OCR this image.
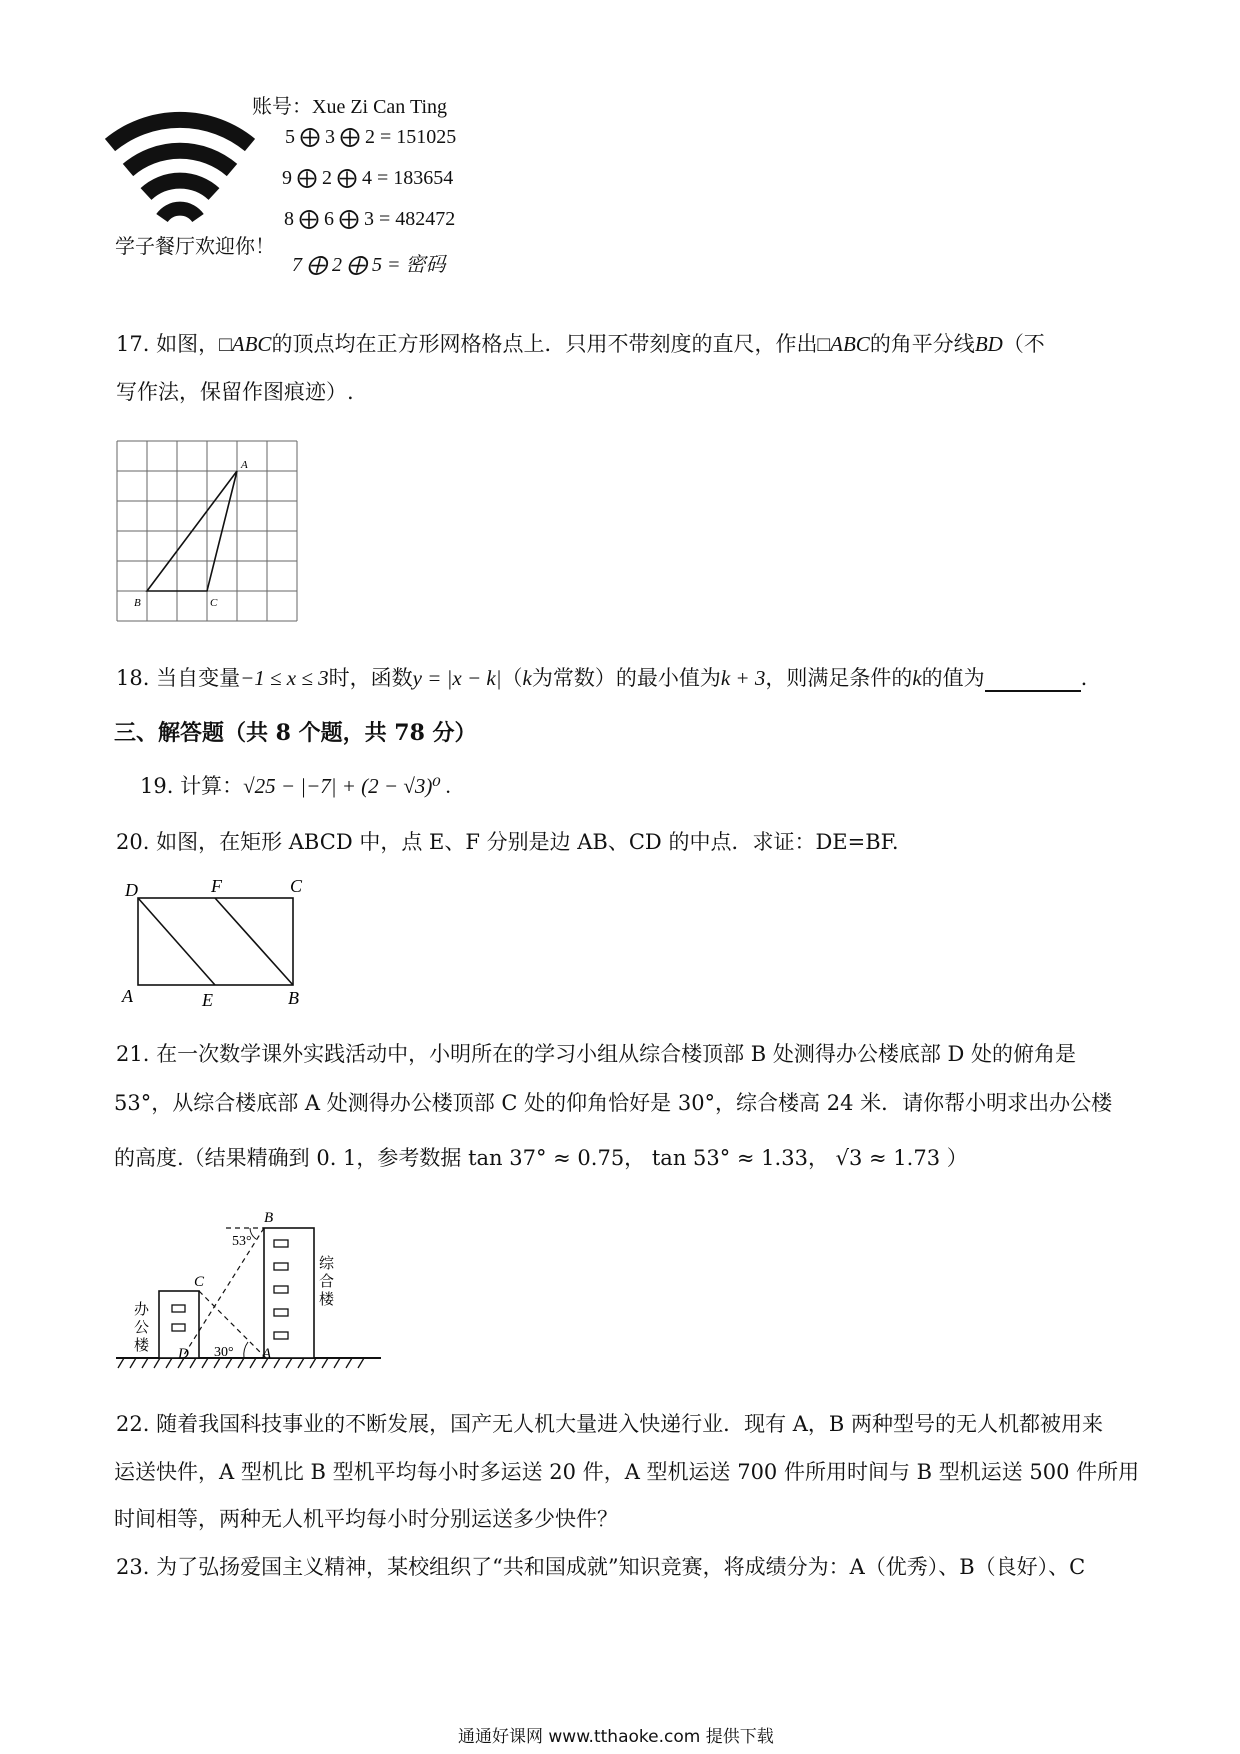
学子餐厅欢迎你！
账号：Xue Zi Can Ting
5 ⨁ 3 ⨁ 2 = 151025
9 ⨁ 2 ⨁ 4 = 183654
8 ⨁ 6 ⨁ 3 = 482472
7 ⨁ 2 ⨁ 5 = 密码
17. 如图，□ABC的顶点均在正方形网格格点上．只用不带刻度的直尺，作出□ABC的角平分线BD（不
写作法，保留作图痕迹）.
A
B	C
18. 当自变量−1 ≤ x ≤ 3时，函数y = |x − k|（k为常数）的最小值为k + 3，则满足条件的k的值为	.
三、解答题（共 8 个题，共 78 分）
19. 计算：√25 − |−7| + (2 − √3)⁰ .
20. 如图，在矩形 ABCD 中，点 E、F 分别是边 AB、CD 的中点．求证：DE=BF.
D	F	C
A	E	B
21. 在一次数学课外实践活动中，小明所在的学习小组从综合楼顶部 B 处测得办公楼底部 D 处的俯角是
53°，从综合楼底部 A 处测得办公楼顶部 C 处的仰角恰好是 30°，综合楼高 24 米．请你帮小明求出办公楼
的高度.（结果精确到 0. 1，参考数据 tan 37° ≈ 0.75， tan 53° ≈ 1.33， √3 ≈ 1.73 ）
B
C
D	A
53°
30°
办
公
楼
综
合
楼
22. 随着我国科技事业的不断发展，国产无人机大量进入快递行业．现有 A，B 两种型号的无人机都被用来
运送快件，A 型机比 B 型机平均每小时多运送 20 件，A 型机运送 700 件所用时间与 B 型机运送 500 件所用
时间相等，两种无人机平均每小时分别运送多少快件？
23. 为了弘扬爱国主义精神，某校组织了“共和国成就”知识竞赛，将成绩分为：A（优秀）、B（良好）、C
通通好课网 www.tthaoke.com 提供下载
